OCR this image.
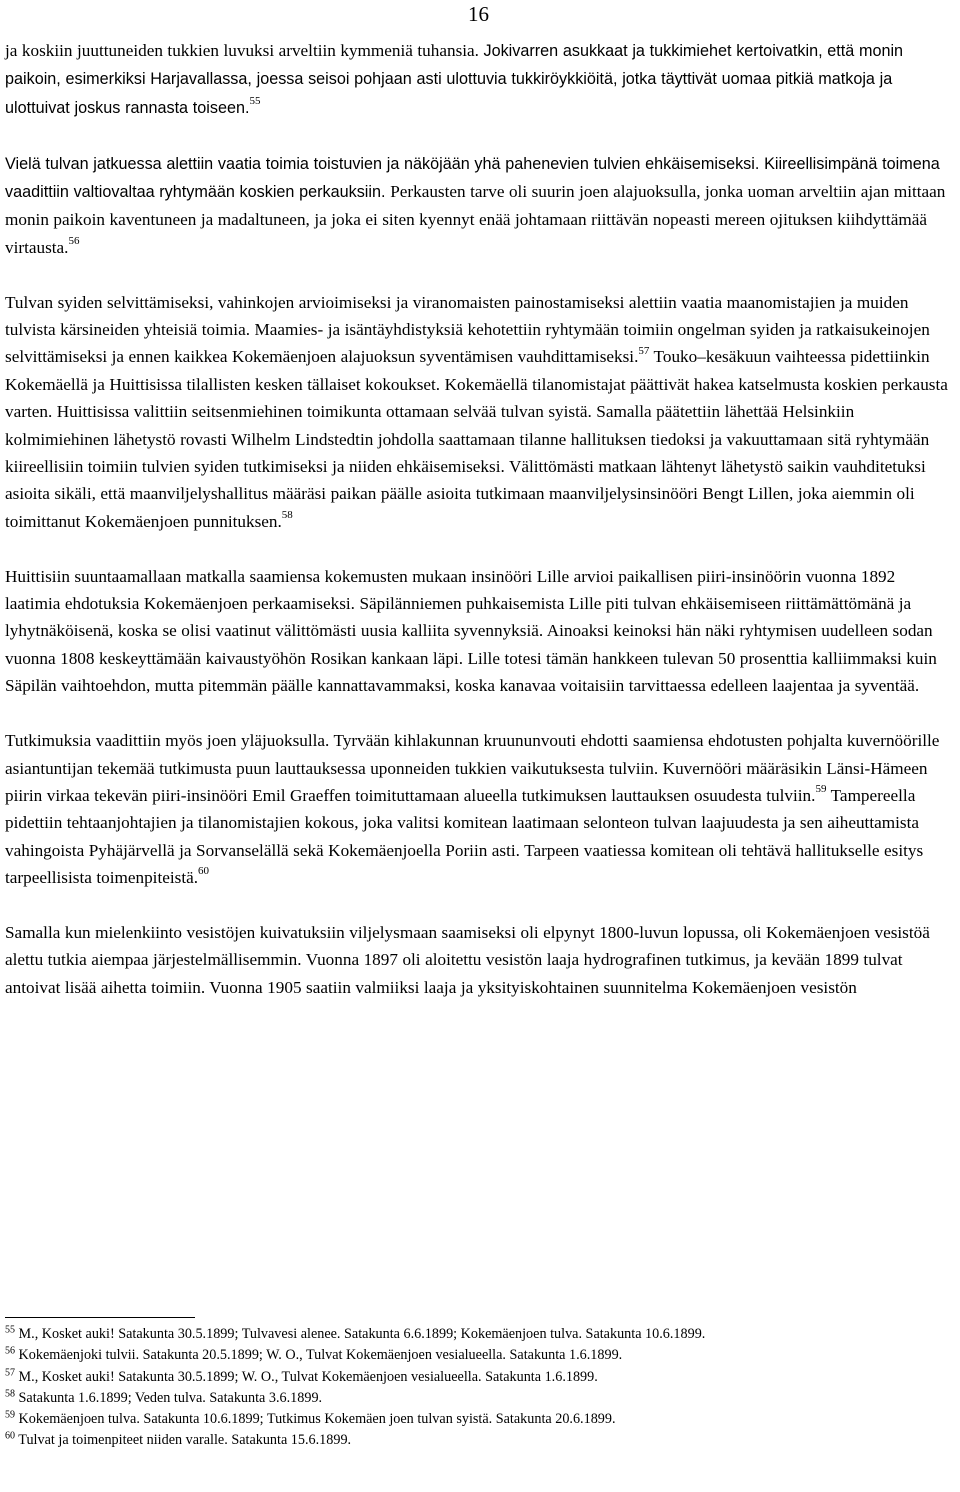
16

ja koskiin juuttuneiden tukkien luvuksi arveltiin kymmeniä tuhansia. Jokivarren asukkaat ja tukkimiehet kertoivatkin, että monin paikoin, esimerkiksi Harjavallassa, joessa seisoi pohjaan asti ulottuvia tukkiröykkiöitä, jotka täyttivät uomaa pitkiä matkoja ja ulottuivat joskus rannasta toiseen.$^{55}$

Vielä tulvan jatkuessa alettiin vaatia toimia toistuvien ja näköjään yhä pahenevien tulvien ehkäisemiseksi. Kiireellisimpänä toimena vaadittiin valtiovaltaa ryhtymään koskien perkauksiin. Perkausten tarve oli suurin joen alajuoksulla, jonka uoman arveltiin ajan mittaan monin paikoin kaventuneen ja madaltuneen, ja joka ei siten kyennyt enää johtamaan riittävän nopeasti mereen ojituksen kiihdyttämää virtausta.$^{56}$

Tulvan syiden selvittämiseksi, vahinkojen arvioimiseksi ja viranomaisten painostamiseksi alettiin vaatia maanomistajien ja muiden tulvista kärsineiden yhteisiä toimia. Maamies- ja isäntäyhdistyksiä kehotettiin ryhtymään toimiin ongelman syiden ja ratkaisukeinojen selvittämiseksi ja ennen kaikkea Kokemäenjoen alajuoksun syventämisen vauhdittamiseksi.$^{57}$ Touko–kesäkuun vaihteessa pidettiinkin Kokemäellä ja Huittisissa tilallisten kesken tällaiset kokoukset. Kokemäellä tilanomistajat päättivät hakea katselmusta koskien perkausta varten. Huittisissa valittiin seitsenmiehinen toimikunta ottamaan selvää tulvan syistä. Samalla päätettiin lähettää Helsinkiin kolmimiehinen lähetystö rovasti Wilhelm Lindstedtin johdolla saattamaan tilanne hallituksen tiedoksi ja vakuuttamaan sitä ryhtymään kiireellisiin toimiin tulvien syiden tutkimiseksi ja niiden ehkäisemiseksi. Välittömästi matkaan lähtenyt lähetystö saikin vauhditetuksi asioita sikäli, että maanviljelyshallitus määräsi paikan päälle asioita tutkimaan maanviljelysinsinööri Bengt Lillen, joka aiemmin oli toimittanut Kokemäenjoen punnituksen.$^{58}$

Huittisiin suuntaamallaan matkalla saamiensa kokemusten mukaan insinööri Lille arvioi paikallisen piiri-insinöörin vuonna 1892 laatimia ehdotuksia Kokemäenjoen perkaamiseksi. Säpilänniemen puhkaisemista Lille piti tulvan ehkäisemiseen riittämättömänä ja lyhytnäköisenä, koska se olisi vaatinut välittömästi uusia kalliita syvennyksiä. Ainoaksi keinoksi hän näki ryhtymisen uudelleen sodan vuonna 1808 keskeyttämään kaivaustyöhön Rosikan kankaan läpi. Lille totesi tämän hankkeen tulevan 50 prosenttia kalliimmaksi kuin Säpilän vaihtoehdon, mutta pitemmän päälle kannattavammaksi, koska kanavaa voitaisiin tarvittaessa edelleen laajentaa ja syventää.

Tutkimuksia vaadittiin myös joen yläjuoksulla. Tyrvään kihlakunnan kruununvouti ehdotti saamiensa ehdotusten pohjalta kuvernöörille asiantuntijan tekemää tutkimusta puun lauttauksessa uponneiden tukkien vaikutuksesta tulviin. Kuvernööri määräsikin Länsi-Hämeen piirin virkaa tekevän piiri-insinööri Emil Graeffen toimituttamaan alueella tutkimuksen lauttauksen osuudesta tulviin.$^{59}$ Tampereella pidettiin tehtaanjohtajien ja tilanomistajien kokous, joka valitsi komitean laatimaan selonteon tulvan laajuudesta ja sen aiheuttamista vahingoista Pyhäjärvellä ja Sorvanselällä sekä Kokemäenjoella Poriin asti. Tarpeen vaatiessa komitean oli tehtävä hallitukselle esitys tarpeellisista toimenpiteistä.$^{60}$

Samalla kun mielenkiinto vesistöjen kuivatuksiin viljelysmaan saamiseksi oli elpynyt 1800-luvun lopussa, oli Kokemäenjoen vesistöä alettu tutkia aiempaa järjestelmällisemmin. Vuonna 1897 oli aloitettu vesistön laaja hydrografinen tutkimus, ja kevään 1899 tulvat antoivat lisää aihetta toimiin. Vuonna 1905 saatiin valmiiksi laaja ja yksityiskohtainen suunnitelma Kokemäenjoen vesistön

$^{55}$ M., Kosket auki! Satakunta 30.5.1899; Tulvavesi alenee. Satakunta 6.6.1899; Kokemäenjoen tulva. Satakunta 10.6.1899.

$^{56}$ Kokemäenjoki tulvii. Satakunta 20.5.1899; W. O., Tulvat Kokemäenjoen vesialueella. Satakunta 1.6.1899.

$^{57}$ M., Kosket auki! Satakunta 30.5.1899; W. O., Tulvat Kokemäenjoen vesialueella. Satakunta 1.6.1899.

$^{58}$ Satakunta 1.6.1899; Veden tulva. Satakunta 3.6.1899.

$^{59}$ Kokemäenjoen tulva. Satakunta 10.6.1899; Tutkimus Kokemäen joen tulvan syistä. Satakunta 20.6.1899.

$^{60}$ Tulvat ja toimenpiteet niiden varalle. Satakunta 15.6.1899.
